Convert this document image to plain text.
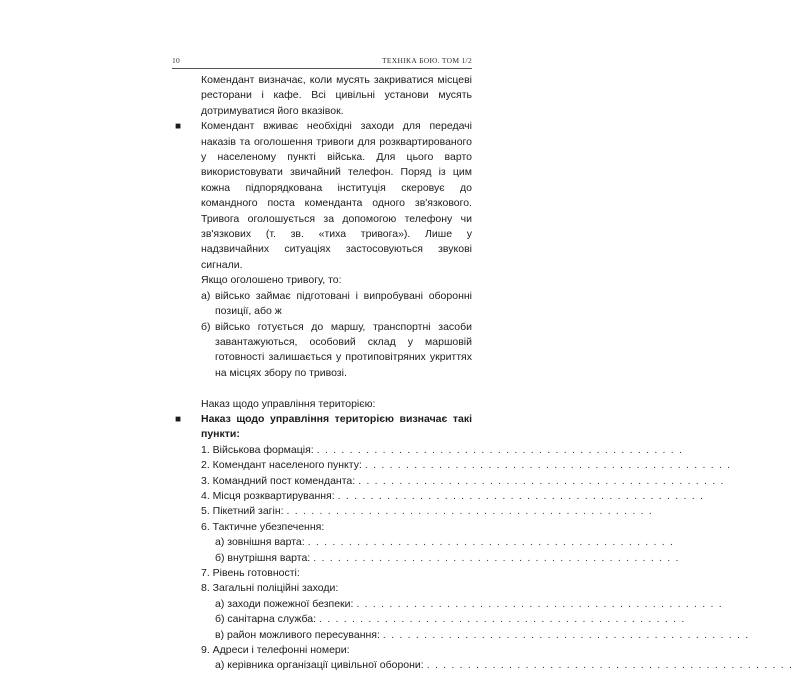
10	ТЕХНІКА БОЮ. ТОМ 1/2

Комендант визначає, коли мусять закриватися місцеві ресторани і кафе. Всі цивільні установи мусять дотримуватися його вказівок.

■ Комендант вживає необхідні заходи для передачі наказів та оголошення тривоги для розквартированого у населеному пункті війська. Для цього варто використовувати звичайний телефон. Поряд із цим кожна підпорядкована інституція скеровує до командного поста коменданта одного зв'язкового. Тривога оголошується за допомогою телефону чи зв'язкових (т. зв. «тиха тривога»). Лише у надзвичайних ситуаціях застосовуються звукові сигнали.

Якщо оголошено тривогу, то:

а) військо займає підготовані і випробувані оборонні позиції, або ж
б) військо готується до маршу, транспортні засоби завантажуються, особовий склад у маршовій готовності залишається у протиповітряних укриттях на місцях збору по тривозі.

Наказ щодо управління територією:

■ Наказ щодо управління територією визначає такі пункти:
1. Військова формація: . . . . . . . . . . . . . . . . . . . . . . . . . . . . . . . . . . . . . . . . . . . . .
2. Комендант населеного пункту: . . . . . . . . . . . . . . . . . . . . . . . . . . . . . . . . . . . . . . . . . . . . .
3. Командний пост коменданта: . . . . . . . . . . . . . . . . . . . . . . . . . . . . . . . . . . . . . . . . . . . . .
4. Місця розквартирування: . . . . . . . . . . . . . . . . . . . . . . . . . . . . . . . . . . . . . . . . . . . . .
5. Пікетний загін: . . . . . . . . . . . . . . . . . . . . . . . . . . . . . . . . . . . . . . . . . . . . .
6. Тактичне убезпечення:
а) зовнішня варта: . . . . . . . . . . . . . . . . . . . . . . . . . . . . . . . . . . . . . . . . . . . . .
б) внутрішня варта: . . . . . . . . . . . . . . . . . . . . . . . . . . . . . . . . . . . . . . . . . . . . .
7. Рівень готовності:
8. Загальні поліційні заходи:
а) заходи пожежної безпеки: . . . . . . . . . . . . . . . . . . . . . . . . . . . . . . . . . . . . . . . . . . . . .
б) санітарна служба: . . . . . . . . . . . . . . . . . . . . . . . . . . . . . . . . . . . . . . . . . . . . .
в) район можливого пересування: . . . . . . . . . . . . . . . . . . . . . . . . . . . . . . . . . . . . . . . . . . . . .
9. Адреси і телефонні номери:
а) керівника організації цивільної оборони: . . . . . . . . . . . . . . . . . . . . . . . . . . . . . . . . . . . . . . . . . . . . .
